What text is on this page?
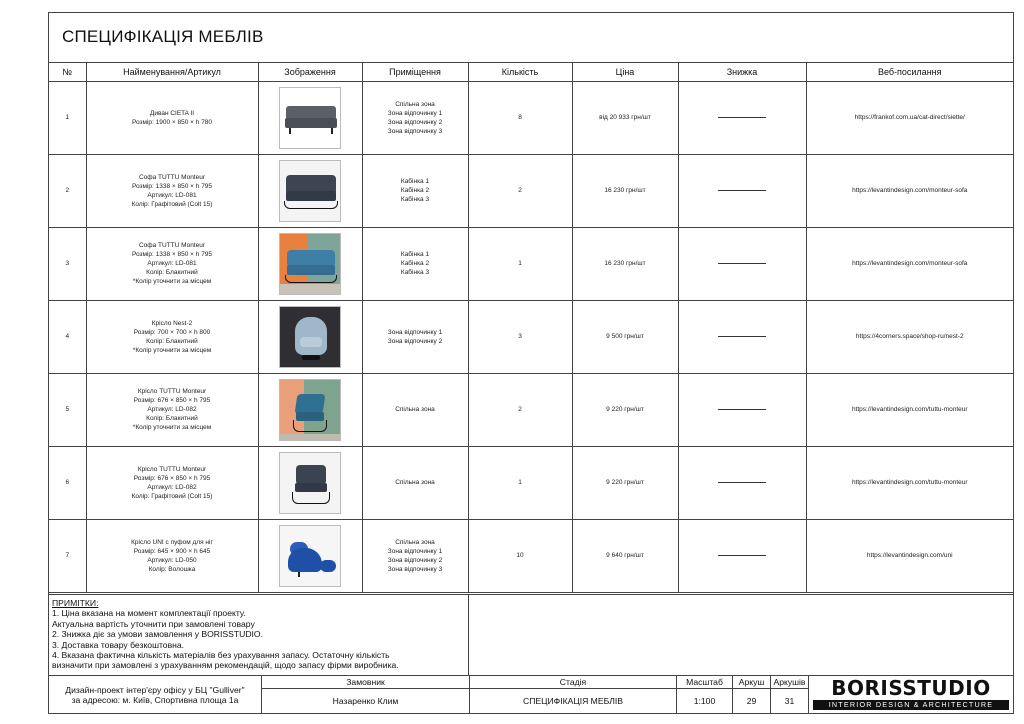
СПЕЦИФІКАЦІЯ МЕБЛІВ
№	Найменування/Артикул	Зображення	Приміщення	Кількість	Ціна	Знижка	Веб-посилання
1	Диван CIETA II
Розмір: 1900 × 850 × h 780		Спільна зона
Зона відпочинку 1
Зона відпочинку 2
Зона відпочинку 3	8	від 20 933 грн/шт		https://frankof.com.ua/cat-direct/siette/
2	Софа TUTTU Monteur
Розмір: 1338 × 850 × h 795
Артикул: LD-081
Колір: Графітовий (Colt 15)		Кабінка 1
Кабінка 2
Кабінка 3	2	16 230 грн/шт		https://levantindesign.com/monteur-sofa
3	Софа TUTTU Monteur
Розмір: 1338 × 850 × h 795
Артикул: LD-081
Колір: Блакитний
*Колір уточнити за місцем		Кабінка 1
Кабінка 2
Кабінка 3	1	16 230 грн/шт		https://levantindesign.com/monteur-sofa
4	Крісло Nest-2
Розмір: 700 × 700 × h 800
Колір: Блакитний
*Колір уточнити за місцем		Зона відпочинку 1
Зона відпочинку 2	3	9 500 грн/шт		https://4corners.space/shop-ru/nest-2
5	Крісло TUTTU Monteur
Розмір: 676 × 850 × h 795
Артикул: LD-082
Колір: Блакитний
*Колір уточнити за місцем		Спільна зона	2	9 220 грн/шт		https://levantindesign.com/tuttu-monteur
6	Крісло TUTTU Monteur
Розмір: 676 × 850 × h 795
Артикул: LD-082
Колір: Графітовий (Colt 15)		Спільна зона	1	9 220 грн/шт		https://levantindesign.com/tuttu-monteur
7	Крісло UNI с пуфом для ніг
Розмір: 645 × 900 × h 645
Артикул: LD-050
Колір: Волошка		Спільна зона
Зона відпочинку 1
Зона відпочинку 2
Зона відпочинку 3	10	9 640 грн/шт		https://levantindesign.com/uni
ПРИМІТКИ:
1. Ціна вказана на момент комплектації проекту.
Актуальна вартість уточнити при замовлені товару
2. Знижка діє за умови замовлення у BORISSTUDIO.
3. Доставка товару безкоштовна.
4. Вказана фактична кількість матеріалів без урахування запасу. Остаточну кількість
визначити при замовлені з урахуванням рекомендацій, щодо запасу фірми виробника.
Дизайн-проект інтер'єру офісу у БЦ "Gulliver"
за адресою: м. Київ, Спортивна площа 1а
Замовник
Назаренко Клим
Стадія
СПЕЦИФІКАЦІЯ МЕБЛІВ
Масштаб
1:100
Аркуш
29
Аркушів
31
BORISSTUDIO
INTERIOR DESIGN & ARCHITECTURE
